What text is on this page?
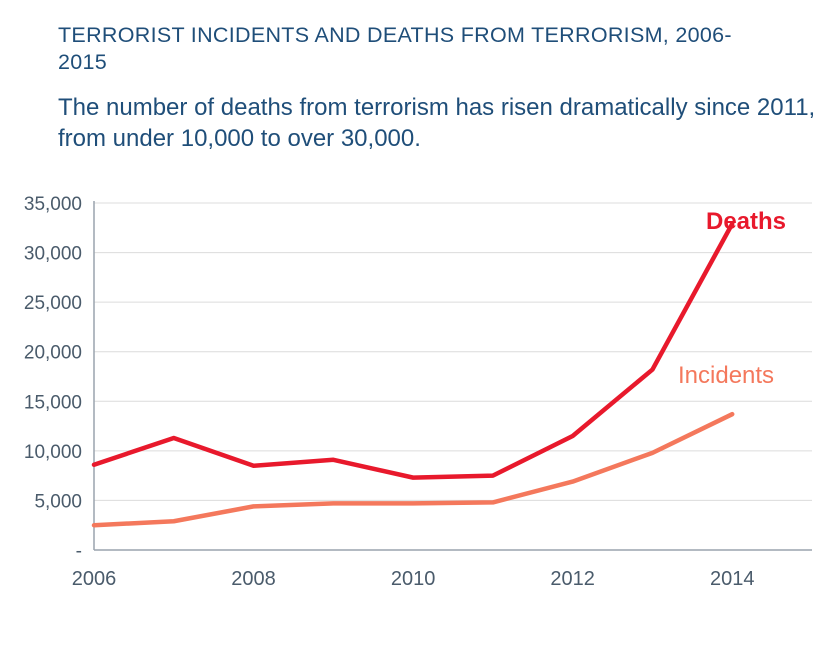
TERRORIST INCIDENTS AND DEATHS FROM TERRORISM, 2006-2015
The number of deaths from terrorism has risen dramatically since 2011, from under 10,000 to over 30,000.
-
5,000
10,000
15,000
20,000
25,000
30,000
35,000
2006	2008	2010	2012	2014
Deaths
Incidents
